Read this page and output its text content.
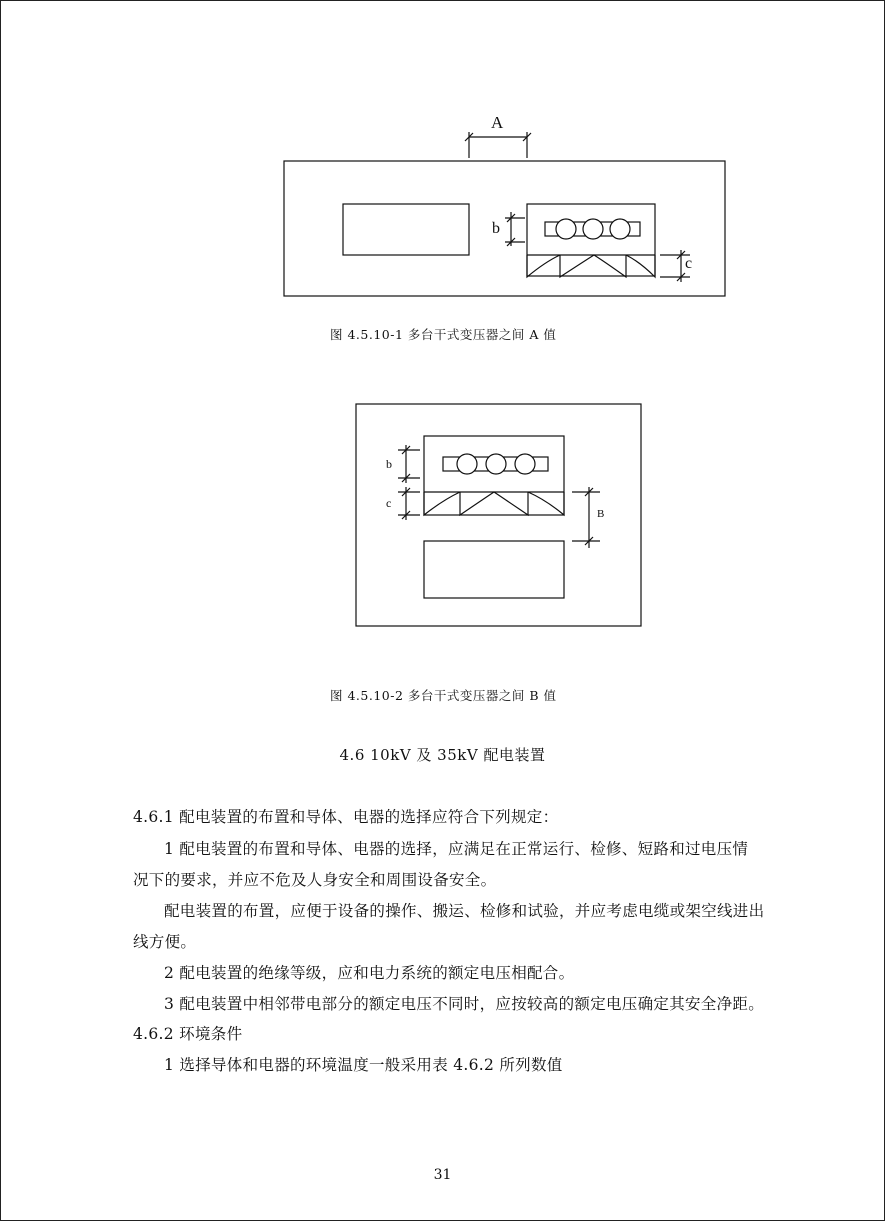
A
b
c
图 4.5.10-1 多台干式变压器之间 A 值
b
c
B
图 4.5.10-2 多台干式变压器之间 B 值
4.6 10kV 及 35kV 配电装置
4.6.1 配电装置的布置和导体、电器的选择应符合下列规定：
1 配电装置的布置和导体、电器的选择，应满足在正常运行、检修、短路和过电压情
况下的要求，并应不危及人身安全和周围设备安全。
配电装置的布置，应便于设备的操作、搬运、检修和试验，并应考虑电缆或架空线进出
线方便。
2 配电装置的绝缘等级，应和电力系统的额定电压相配合。
3 配电装置中相邻带电部分的额定电压不同时，应按较高的额定电压确定其安全净距。
4.6.2 环境条件
1 选择导体和电器的环境温度一般采用表 4.6.2 所列数值
31
